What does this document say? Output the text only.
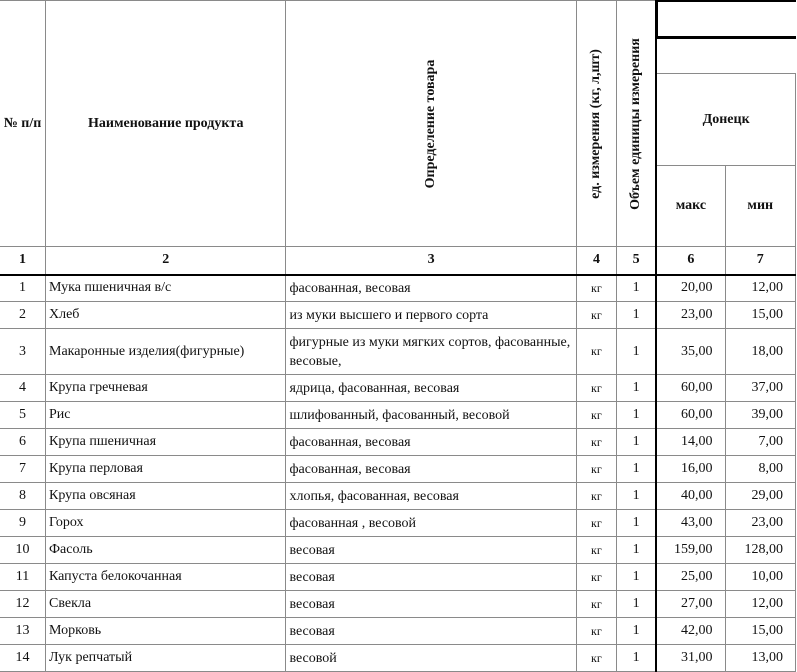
№ п/п	Наименование продукта	Определение товара	ед. измерения (кг, л,шт)	Объем единицы измерения		

					Донецк	
					макс	мин
1	2	3	4	5	6	7
1	Мука пшеничная в/с	фасованная, весовая	кг	1	20,00	12,00
2	Хлеб	из муки высшего и первого сорта	кг	1	23,00	15,00
3	Макаронные изделия(фигурные)	фигурные из муки мягких сортов, фасованные, весовые,	кг	1	35,00	18,00
4	Крупа гречневая	ядрица, фасованная, весовая	кг	1	60,00	37,00
5	Рис	шлифованный, фасованный, весовой	кг	1	60,00	39,00
6	Крупа пшеничная	фасованная, весовая	кг	1	14,00	7,00
7	Крупа перловая	фасованная, весовая	кг	1	16,00	8,00
8	Крупа овсяная	хлопья, фасованная, весовая	кг	1	40,00	29,00
9	Горох	фасованная , весовой	кг	1	43,00	23,00
10	Фасоль	весовая	кг	1	159,00	128,00
11	Капуста белокочанная	весовая	кг	1	25,00	10,00
12	Свекла	весовая	кг	1	27,00	12,00
13	Морковь	весовая	кг	1	42,00	15,00
14	Лук репчатый	весовой	кг	1	31,00	13,00
